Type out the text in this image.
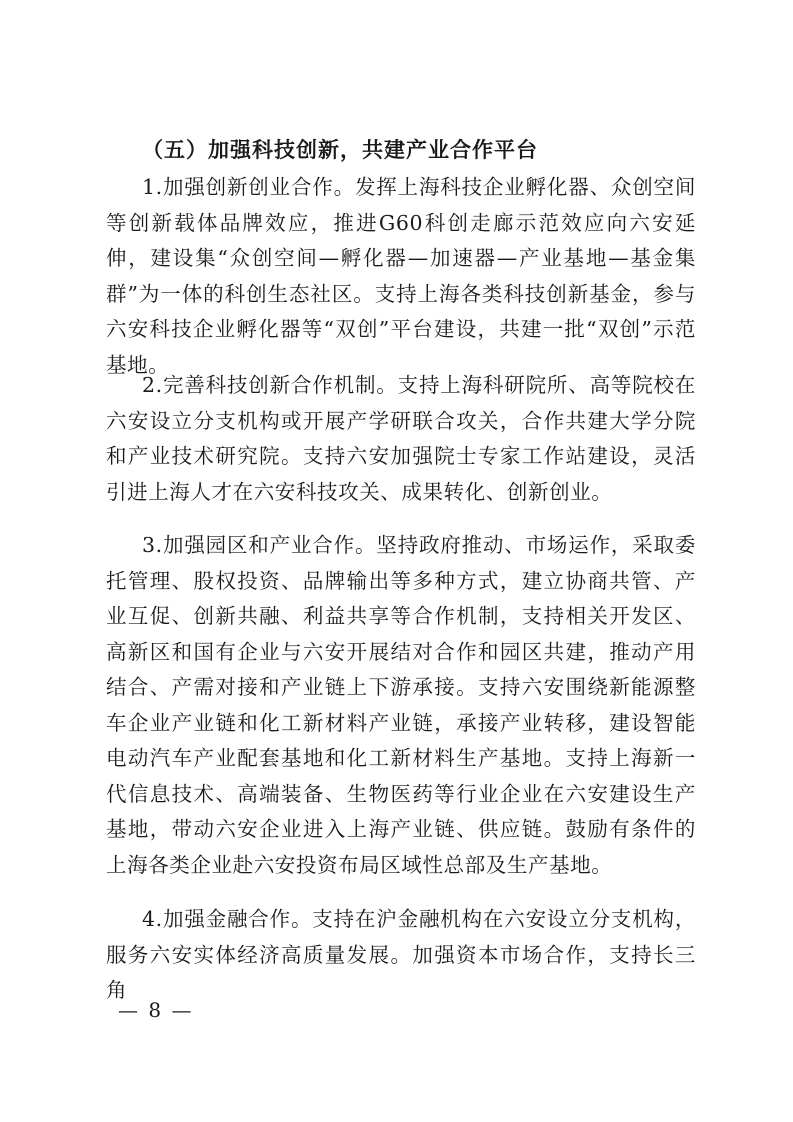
（五）加强科技创新，共建产业合作平台

1.加强创新创业合作。发挥上海科技企业孵化器、众创空间等创新载体品牌效应，推进G60科创走廊示范效应向六安延伸，建设集“众创空间—孵化器—加速器—产业基地—基金集群”为一体的科创生态社区。支持上海各类科技创新基金，参与六安科技企业孵化器等“双创”平台建设，共建一批“双创”示范基地。

2.完善科技创新合作机制。支持上海科研院所、高等院校在六安设立分支机构或开展产学研联合攻关，合作共建大学分院和产业技术研究院。支持六安加强院士专家工作站建设，灵活引进上海人才在六安科技攻关、成果转化、创新创业。

3.加强园区和产业合作。坚持政府推动、市场运作，采取委托管理、股权投资、品牌输出等多种方式，建立协商共管、产业互促、创新共融、利益共享等合作机制，支持相关开发区、高新区和国有企业与六安开展结对合作和园区共建，推动产用结合、产需对接和产业链上下游承接。支持六安围绕新能源整车企业产业链和化工新材料产业链，承接产业转移，建设智能电动汽车产业配套基地和化工新材料生产基地。支持上海新一代信息技术、高端装备、生物医药等行业企业在六安建设生产基地，带动六安企业进入上海产业链、供应链。鼓励有条件的上海各类企业赴六安投资布局区域性总部及生产基地。

4.加强金融合作。支持在沪金融机构在六安设立分支机构，服务六安实体经济高质量发展。加强资本市场合作，支持长三角

— 8 —
